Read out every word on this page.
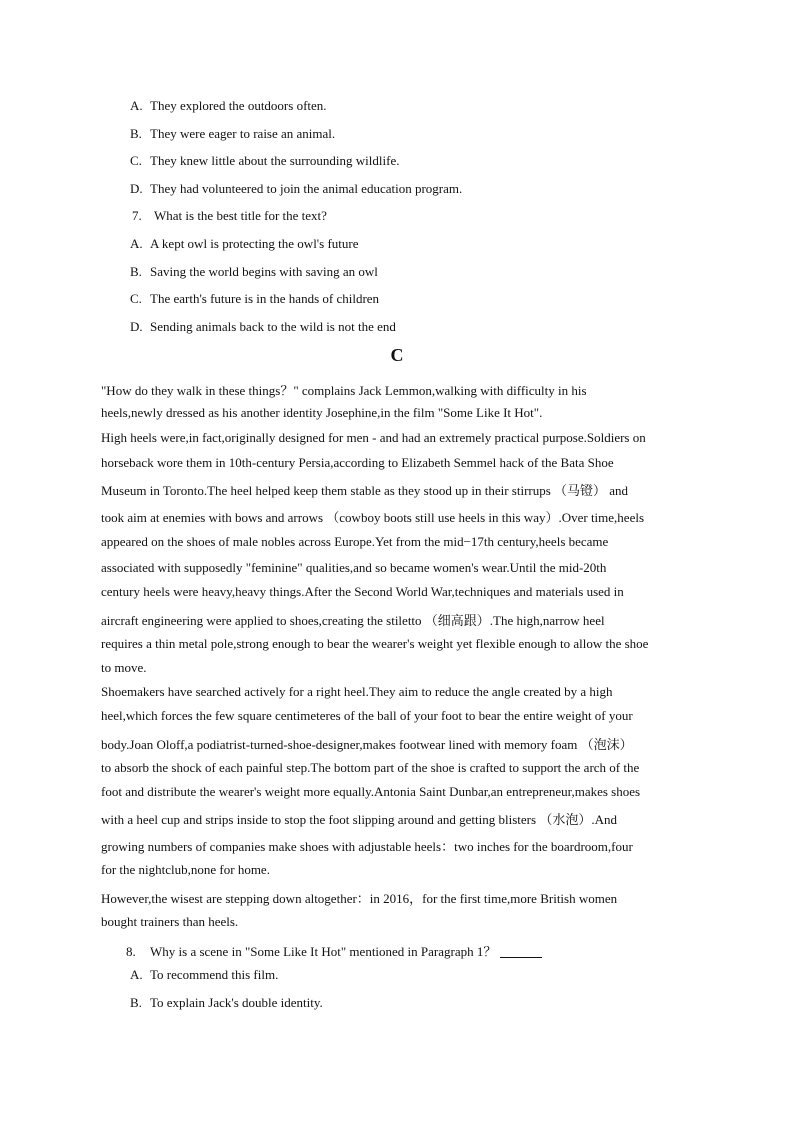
A. They explored the outdoors often.
B. They were eager to raise an animal.
C. They knew little about the surrounding wildlife.
D. They had volunteered to join the animal education program.
7. What is the best title for the text?
A. A kept owl is protecting the owl's future
B. Saving the world begins with saving an owl
C. The earth's future is in the hands of children
D. Sending animals back to the wild is not the end
C
"How do they walk in these things？" complains Jack Lemmon,walking with difficulty in his
heels,newly dressed as his another identity Josephine,in the film "Some Like It Hot".
High heels were,in fact,originally designed for men - and had an extremely practical purpose.Soldiers on
horseback wore them in 10th-century Persia,according to Elizabeth Semmel hack of the Bata Shoe
Museum in Toronto.The heel helped keep them stable as they stood up in their stirrups （马镫） and
took aim at enemies with bows and arrows （cowboy boots still use heels in this way）.Over time,heels
appeared on the shoes of male nobles across Europe.Yet from the mid−17th century,heels became
associated with supposedly "feminine" qualities,and so became women's wear.Until the mid-20th
century heels were heavy,heavy things.After the Second World War,techniques and materials used in
aircraft engineering were applied to shoes,creating the stiletto （细高跟）.The high,narrow heel
requires a thin metal pole,strong enough to bear the wearer's weight yet flexible enough to allow the shoe
to move.
Shoemakers have searched actively for a right heel.They aim to reduce the angle created by a high
heel,which forces the few square centimeteres of the ball of your foot to bear the entire weight of your
body.Joan Oloff,a podiatrist-turned-shoe-designer,makes footwear lined with memory foam （泡沫）
to absorb the shock of each painful step.The bottom part of the shoe is crafted to support the arch of the
foot and distribute the wearer's weight more equally.Antonia Saint Dunbar,an entrepreneur,makes shoes
with a heel cup and strips inside to stop the foot slipping around and getting blisters （水泡）.And
growing numbers of companies make shoes with adjustable heels：two inches for the boardroom,four
for the nightclub,none for home.
However,the wisest are stepping down altogether：in 2016，for the first time,more British women
bought trainers than heels.
8. Why is a scene in "Some Like It Hot" mentioned in Paragraph 1？
A. To recommend this film.
B. To explain Jack's double identity.
